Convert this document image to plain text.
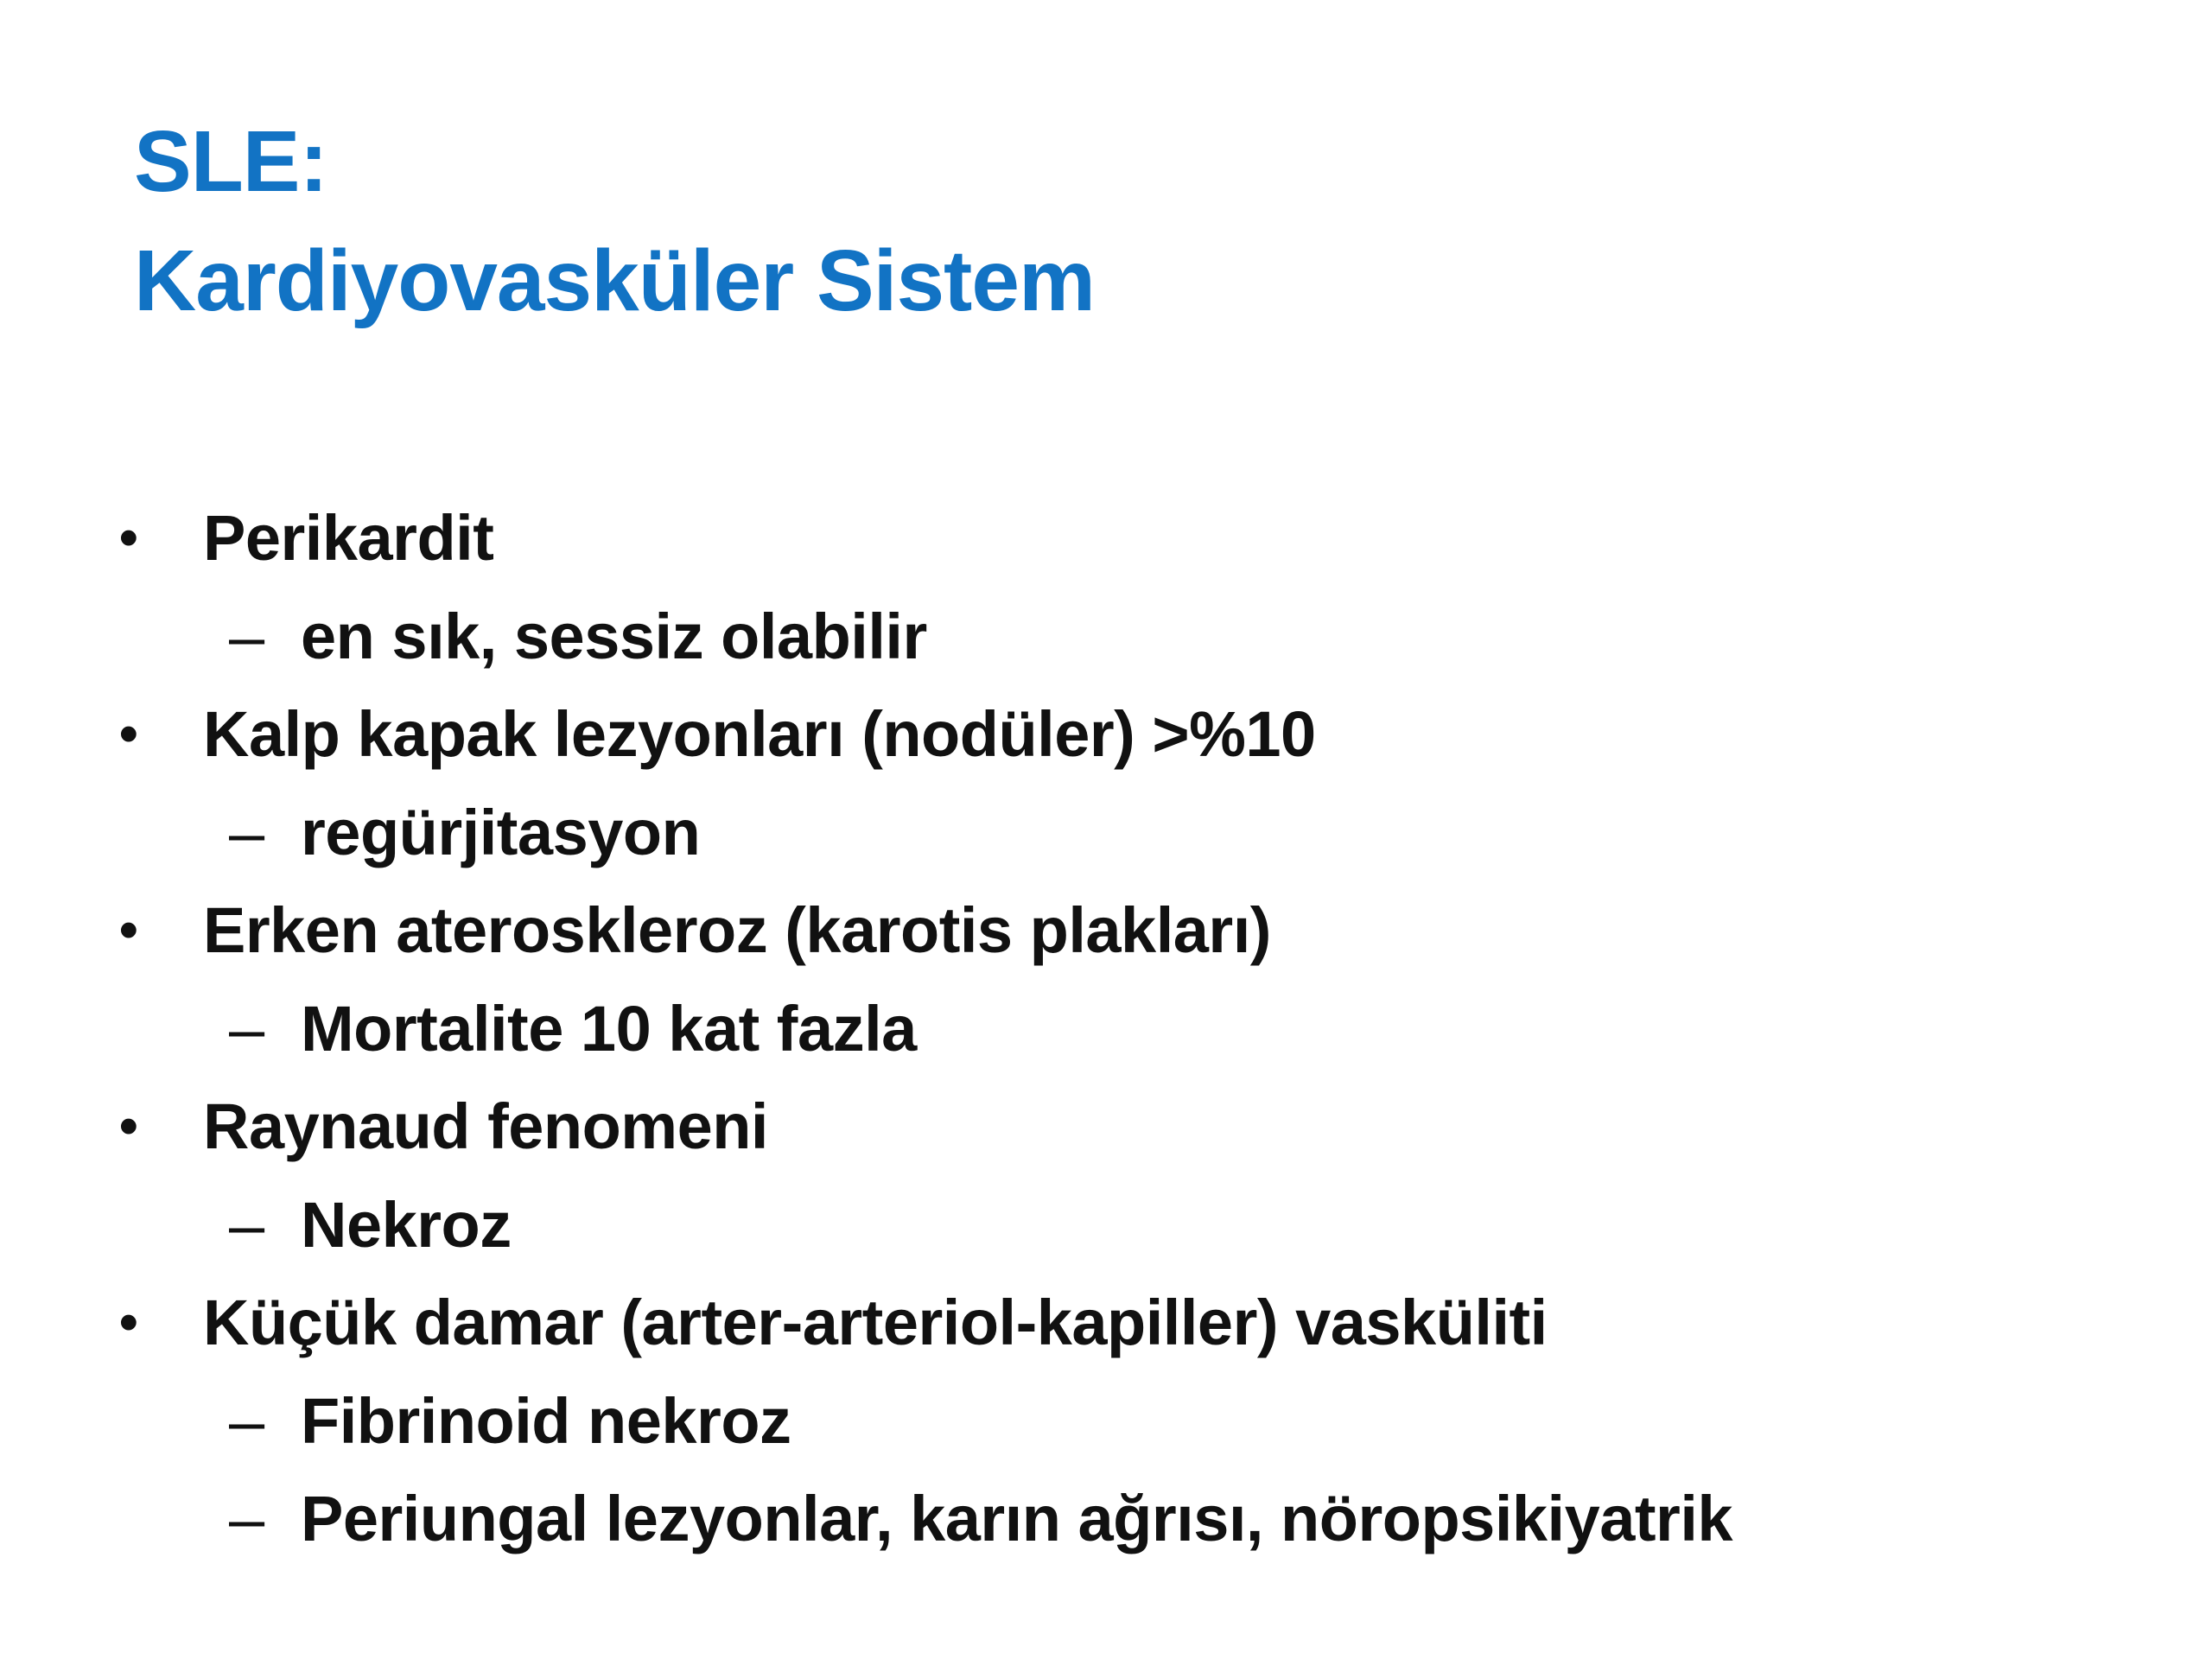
SLE:
Kardiyovasküler Sistem
• Perikardit
– en sık, sessiz olabilir
• Kalp kapak lezyonları (nodüler) >%10
– regürjitasyon
• Erken ateroskleroz (karotis plakları)
– Mortalite 10 kat fazla
• Raynaud fenomeni
– Nekroz
• Küçük damar (arter-arteriol-kapiller) vasküliti
– Fibrinoid nekroz
– Periungal lezyonlar, karın ağrısı, nöropsikiyatrik
